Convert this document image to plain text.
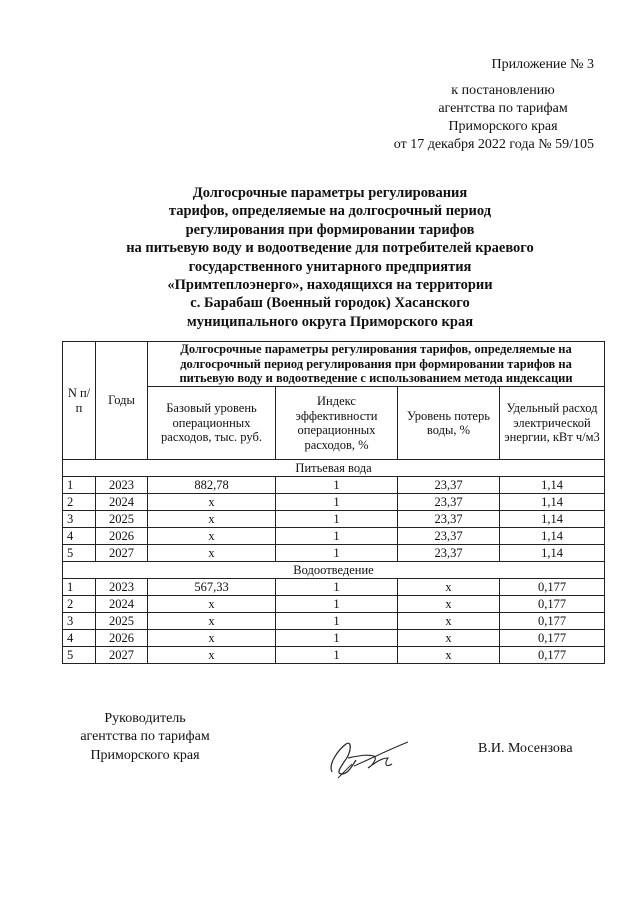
Приложение № 3
к постановлению
агентства по тарифам
Приморского края
от 17 декабря 2022 года № 59/105
Долгосрочные параметры регулирования
тарифов, определяемые на долгосрочный период
регулирования при формировании тарифов
на питьевую воду и водоотведение для потребителей краевого
государственного унитарного предприятия
«Примтеплоэнерго», находящихся на территории
с. Барабаш (Военный городок) Хасанского
муниципального округа Приморского края
N п/п	Годы	Долгосрочные параметры регулирования тарифов, определяемые на долгосрочный период регулирования при формировании тарифов на питьевую воду и водоотведение с использованием метода индексации			
		Базовый уровень операционных расходов, тыс. руб.	Индекс эффективности операционных расходов, %	Уровень потерь воды, %	Удельный расход электрической энергии, кВт ч/м3
Питьевая вода					
1	2023	882,78	1	23,37	1,14
2	2024	х	1	23,37	1,14
3	2025	х	1	23,37	1,14
4	2026	х	1	23,37	1,14
5	2027	х	1	23,37	1,14
Водоотведение					
1	2023	567,33	1	х	0,177
2	2024	х	1	х	0,177
3	2025	х	1	х	0,177
4	2026	х	1	х	0,177
5	2027	х	1	х	0,177
Руководитель
агентства по тарифам
Приморского края	В.И. Мосензова
